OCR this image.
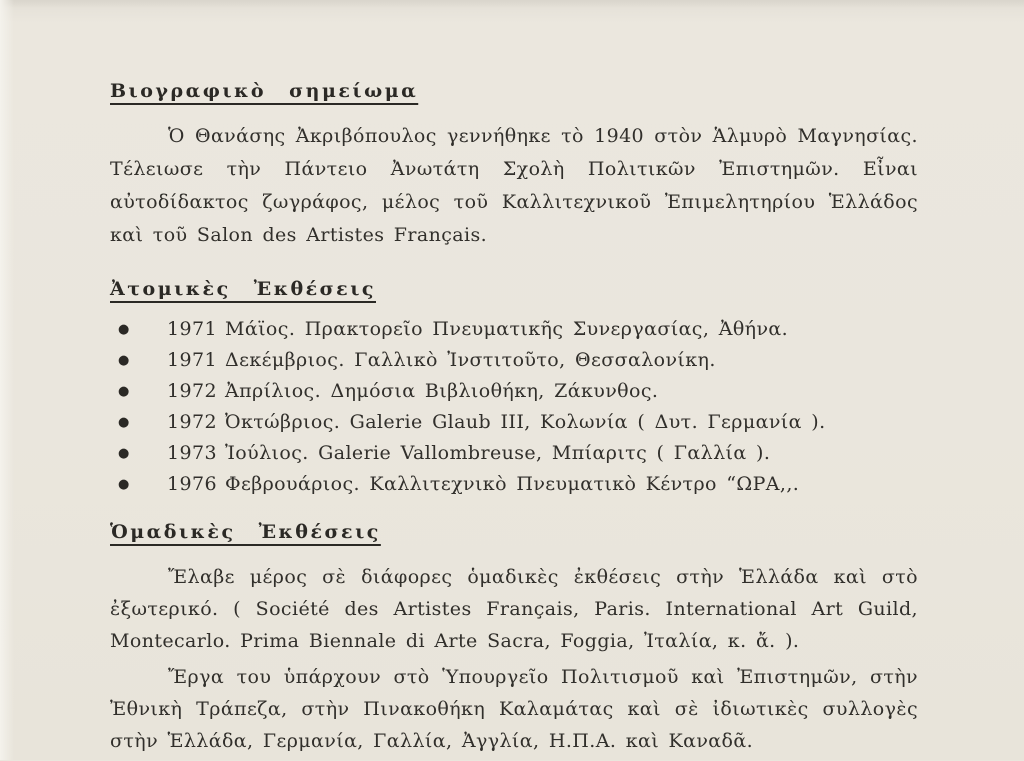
Βιογραφικὸ σημείωμα

Ὁ Θανάσης Ἀκριβόπουλος γεννήθηκε τὸ 1940 στὸν Ἁλμυρὸ Μαγνησίας. Τέλειωσε τὴν Πάντειο Ἀνωτάτη Σχολὴ Πολιτικῶν Ἐπιστημῶν. Εἶναι αὐτοδίδακτος ζωγράφος, μέλος τοῦ Καλλιτεχνικοῦ Ἐπιμελητηρίου Ἑλλάδος καὶ τοῦ Salon des Artistes Français.

Ἀτομικὲς Ἐκθέσεις
●	1971 Μάϊος. Πρακτορεῖο Πνευματικῆς Συνεργασίας, Ἀθήνα.
●	1971 Δεκέμβριος. Γαλλικὸ Ἰνστιτοῦτο, Θεσσαλονίκη.
●	1972 Ἀπρίλιος. Δημόσια Βιβλιοθήκη, Ζάκυνθος.
●	1972 Ὀκτώβριος. Galerie Glaub III, Κολωνία ( Δυτ. Γερμανία ).
●	1973 Ἰούλιος. Galerie Vallombreuse, Μπίαριτς ( Γαλλία ).
●	1976 Φεβρουάριος. Καλλιτεχνικὸ Πνευματικὸ Κέντρο “ΩΡΑ,,.
Ὁμαδικὲς Ἐκθέσεις

Ἔλαβε μέρος σὲ διάφορες ὁμαδικὲς ἐκθέσεις στὴν Ἑλλάδα καὶ στὸ ἐξωτερικό. ( Société des Artistes Français, Paris. International Art Guild, Montecarlo. Prima Biennale di Arte Sacra, Foggia, Ἰταλία, κ. ἄ. ).

Ἔργα του ὑπάρχουν στὸ Ὑπουργεῖο Πολιτισμοῦ καὶ Ἐπιστημῶν, στὴν Ἐθνικὴ Τράπεζα, στὴν Πινακοθήκη Καλαμάτας καὶ σὲ ἰδιωτικὲς συλλογὲς στὴν Ἑλλάδα, Γερμανία, Γαλλία, Ἀγγλία, Η.Π.Α. καὶ Καναδᾶ.
